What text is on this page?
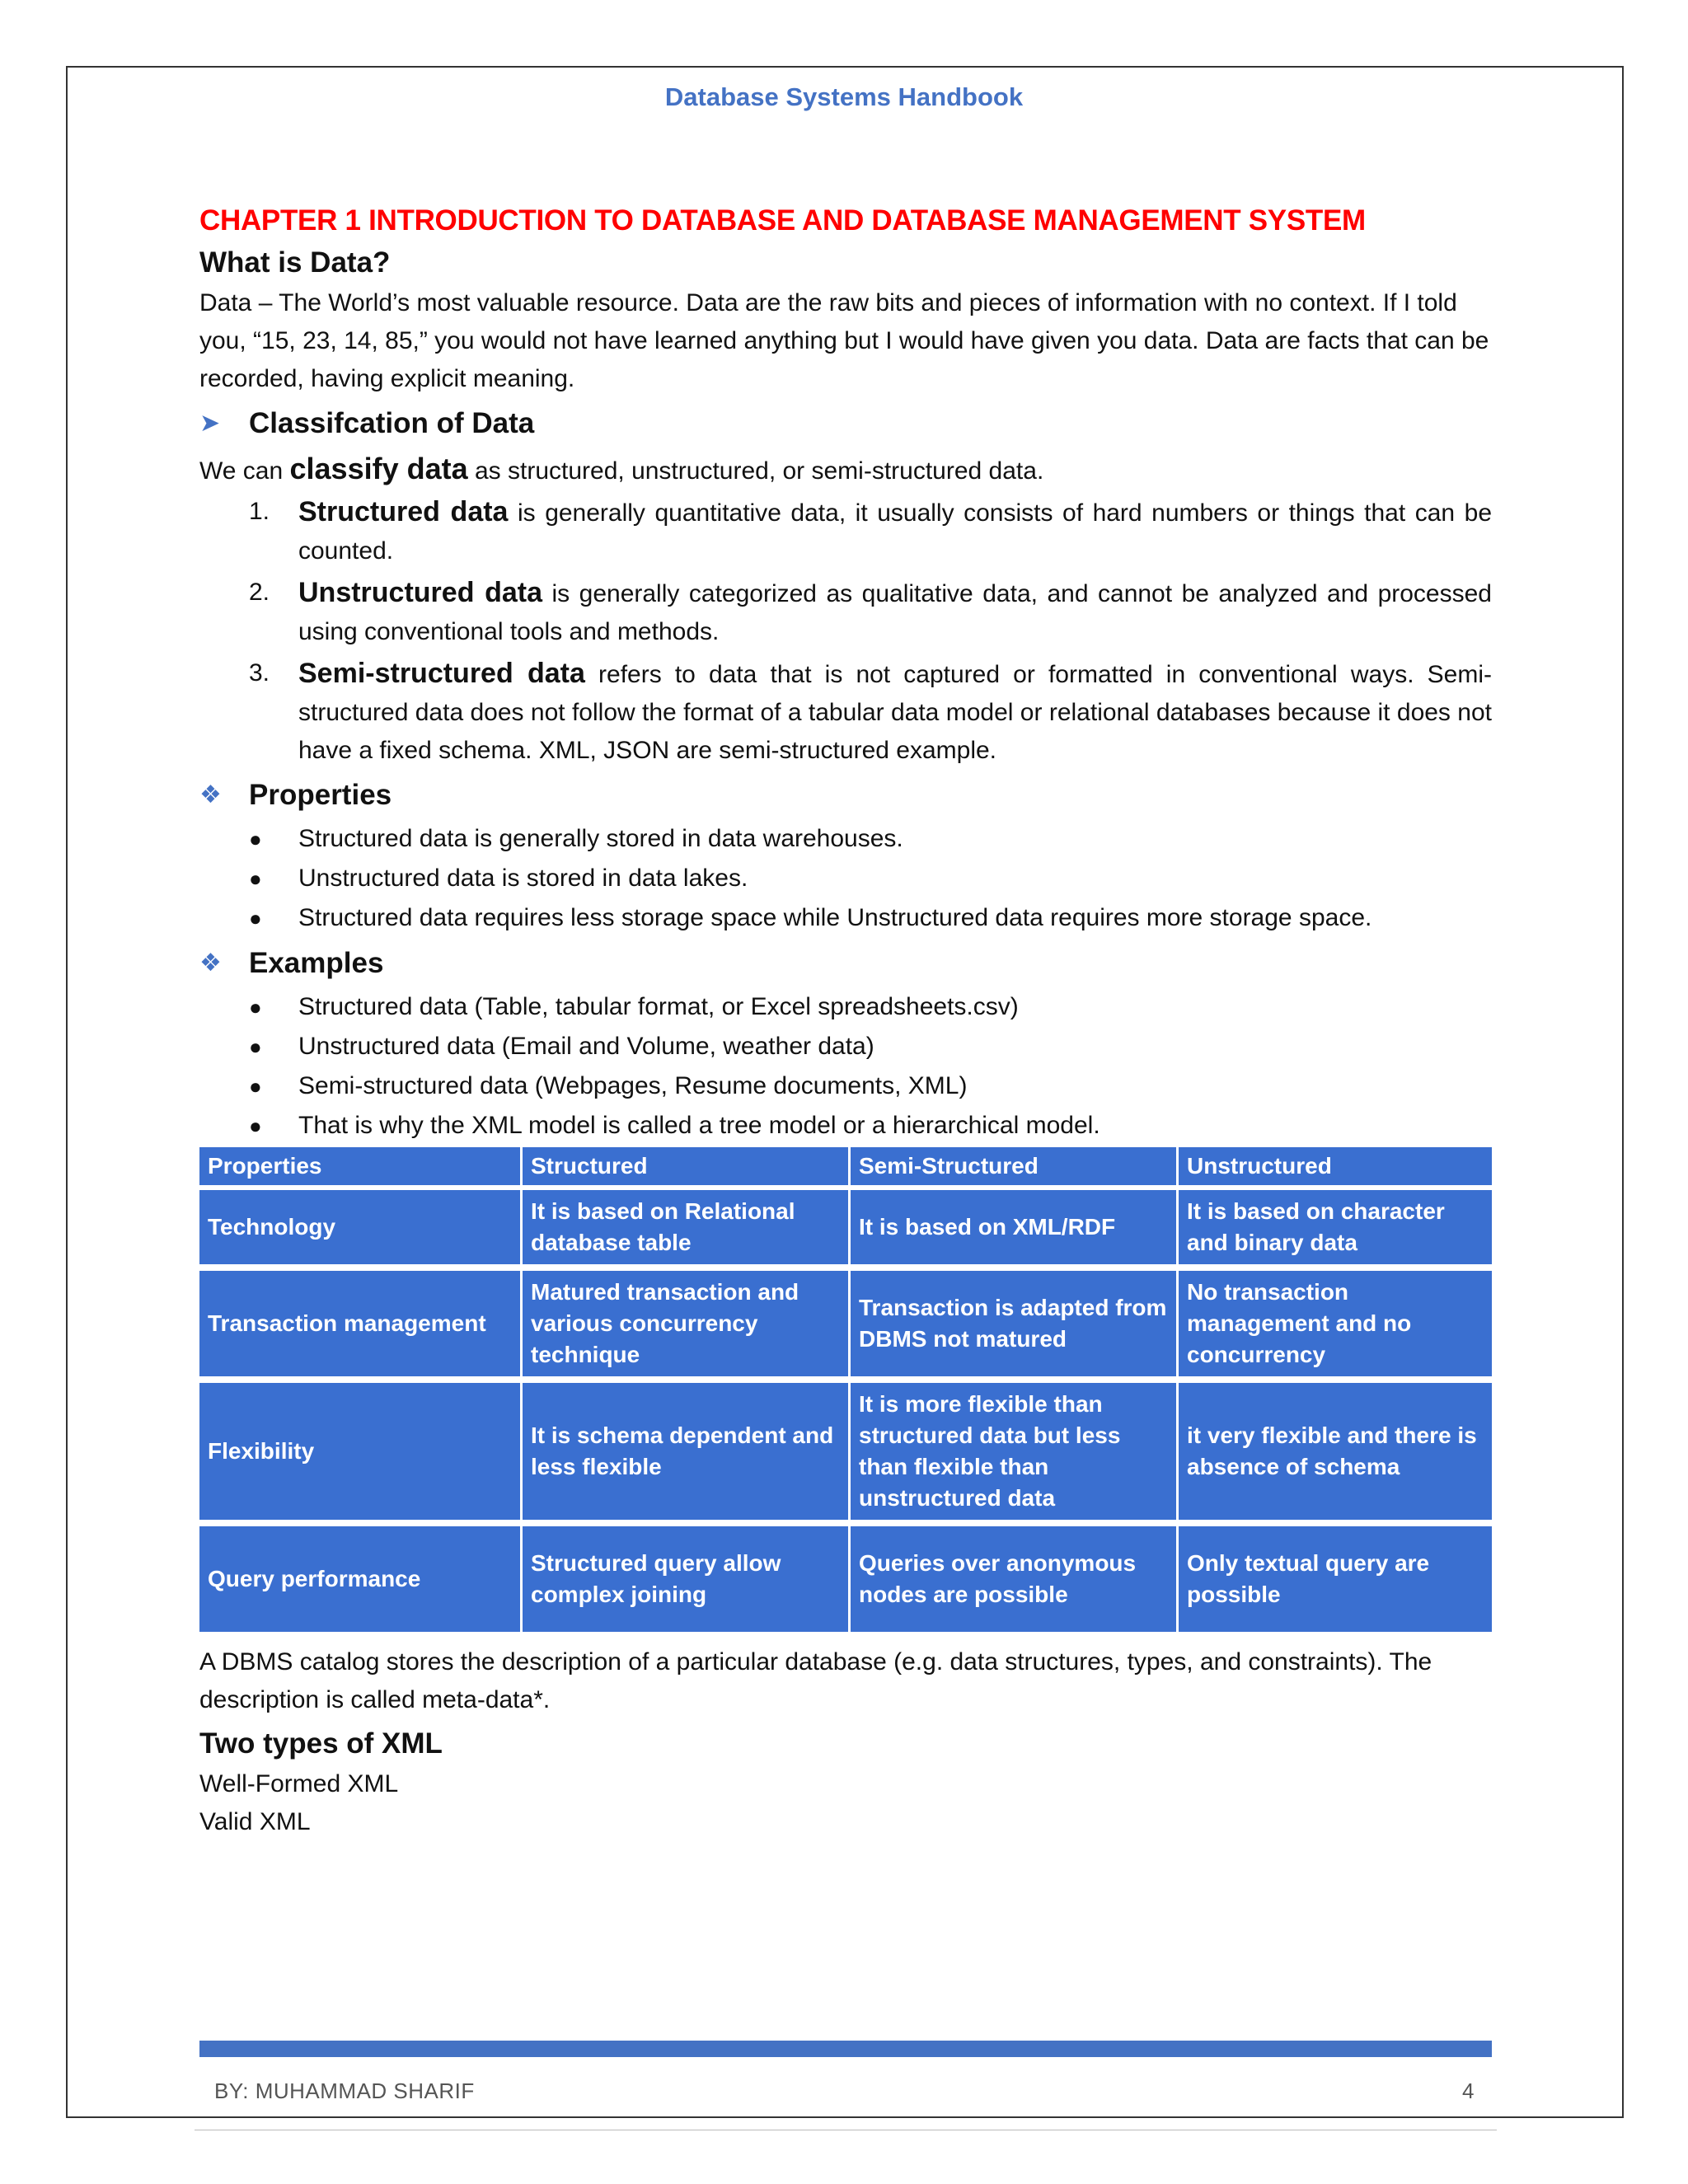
Database Systems Handbook
CHAPTER 1 INTRODUCTION TO DATABASE AND DATABASE MANAGEMENT SYSTEM
What is Data?

Data – The World’s most valuable resource. Data are the raw bits and pieces of information with no context. If I told you, “15, 23, 14, 85,” you would not have learned anything but I would have given you data. Data are facts that can be recorded, having explicit meaning.

➤ Classifcation of Data
We can classify data as structured, unstructured, or semi-structured data.
1.	Structured data is generally quantitative data, it usually consists of hard numbers or things that can be counted.
2.	Unstructured data is generally categorized as qualitative data, and cannot be analyzed and processed using conventional tools and methods.
3.	Semi-structured data refers to data that is not captured or formatted in conventional ways. Semi-structured data does not follow the format of a tabular data model or relational databases because it does not have a fixed schema. XML, JSON are semi-structured example.
❖ Properties
●	Structured data is generally stored in data warehouses.
●	Unstructured data is stored in data lakes.
●	Structured data requires less storage space while Unstructured data requires more storage space.
❖ Examples
●	Structured data (Table, tabular format, or Excel spreadsheets.csv)
●	Unstructured data (Email and Volume, weather data)
●	Semi-structured data (Webpages, Resume documents, XML)
●	That is why the XML model is called a tree model or a hierarchical model.
Properties	Structured	Semi-Structured	Unstructured
Technology	It is based on Relational database table	It is based on XML/RDF	It is based on character and binary data
Transaction management	Matured transaction and various concurrency technique	Transaction is adapted from DBMS not matured	No transaction management and no concurrency
Flexibility	It is schema dependent and less flexible	It is more flexible than structured data but less than flexible than unstructured data	it very flexible and there is absence of schema
Query performance	Structured query allow complex joining	Queries over anonymous nodes are possible	Only textual query are possible

A DBMS catalog stores the description of a particular database (e.g. data structures, types, and constraints). The description is called meta-data*.

Two types of XML

Well-Formed XML

Valid XML

BY: MUHAMMAD SHARIF	4
